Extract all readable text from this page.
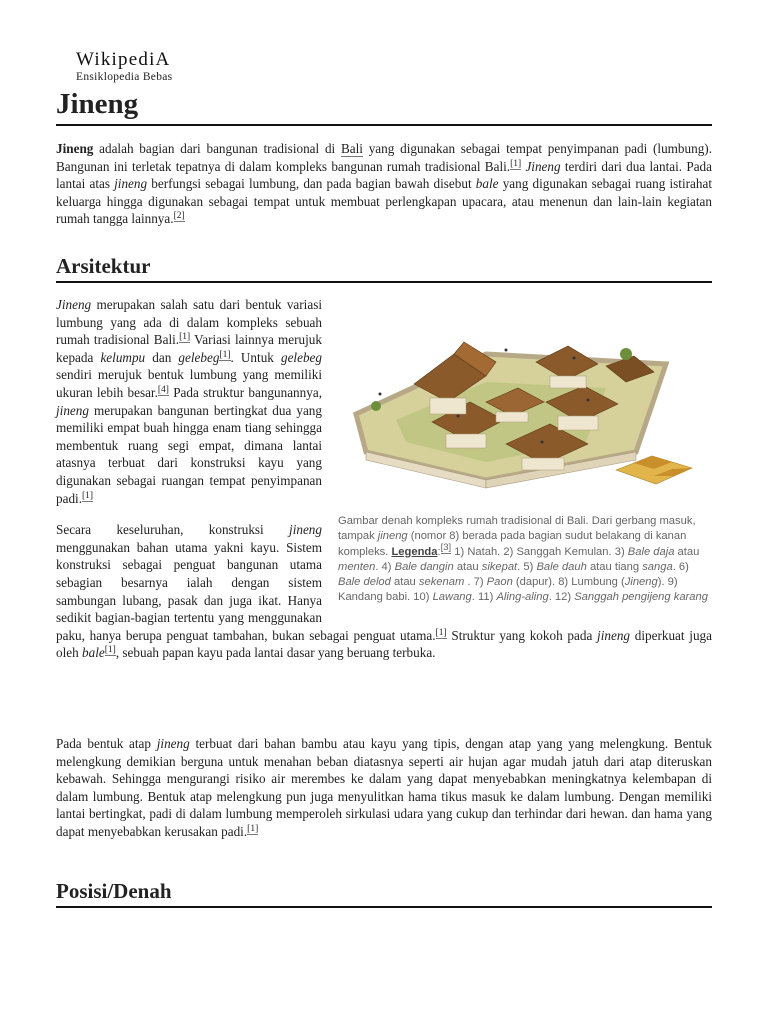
WikipediA
Ensiklopedia Bebas
Jineng

Jineng adalah bagian dari bangunan tradisional di Bali yang digunakan sebagai tempat penyimpanan padi (lumbung). Bangunan ini terletak tepatnya di dalam kompleks bangunan rumah tradisional Bali.[1] Jineng terdiri dari dua lantai. Pada lantai atas jineng berfungsi sebagai lumbung, dan pada bagian bawah disebut bale yang digunakan sebagai ruang istirahat keluarga hingga digunakan sebagai tempat untuk membuat perlengkapan upacara, atau menenun dan lain-lain kegiatan rumah tangga lainnya.[2]

Arsitektur
Gambar denah kompleks rumah tradisional di Bali. Dari gerbang masuk, tampak jineng (nomor 8) berada pada bagian sudut belakang di kanan kompleks. Legenda:[3] 1) Natah. 2) Sanggah Kemulan. 3) Bale daja atau menten. 4) Bale dangin atau sikepat. 5) Bale dauh atau tiang sanga. 6) Bale delod atau sekenam . 7) Paon (dapur). 8) Lumbung (Jineng). 9) Kandang babi. 10) Lawang. 11) Aling-aling. 12) Sanggah pengijeng karang

Jineng merupakan salah satu dari bentuk variasi lumbung yang ada di dalam kompleks sebuah rumah tradisional Bali.[1] Variasi lainnya merujuk kepada kelumpu dan gelebeg[1]. Untuk gelebeg sendiri merujuk bentuk lumbung yang memiliki ukuran lebih besar.[4] Pada struktur bangunannya, jineng merupakan bangunan bertingkat dua yang memiliki empat buah hingga enam tiang sehingga membentuk ruang segi empat, dimana lantai atasnya terbuat dari konstruksi kayu yang digunakan sebagai ruangan tempat penyimpanan padi.[1]

Secara keseluruhan, konstruksi jineng menggunakan bahan utama yakni kayu. Sistem konstruksi sebagai penguat bangunan utama sebagian besarnya ialah dengan sistem sambungan lubang, pasak dan juga ikat. Hanya sedikit bagian-bagian tertentu yang menggunakan paku, hanya berupa penguat tambahan, bukan sebagai penguat utama.[1] Struktur yang kokoh pada jineng diperkuat juga oleh bale[1], sebuah papan kayu pada lantai dasar yang beruang terbuka.

Pada bentuk atap jineng terbuat dari bahan bambu atau kayu yang tipis, dengan atap yang yang melengkung. Bentuk melengkung demikian berguna untuk menahan beban diatasnya seperti air hujan agar mudah jatuh dari atap diteruskan kebawah. Sehingga mengurangi risiko air merembes ke dalam yang dapat menyebabkan meningkatnya kelembapan di dalam lumbung. Bentuk atap melengkung pun juga menyulitkan hama tikus masuk ke dalam lumbung. Dengan memiliki lantai bertingkat, padi di dalam lumbung memperoleh sirkulasi udara yang cukup dan terhindar dari hewan. dan hama yang dapat menyebabkan kerusakan padi.[1]

Posisi/Denah
